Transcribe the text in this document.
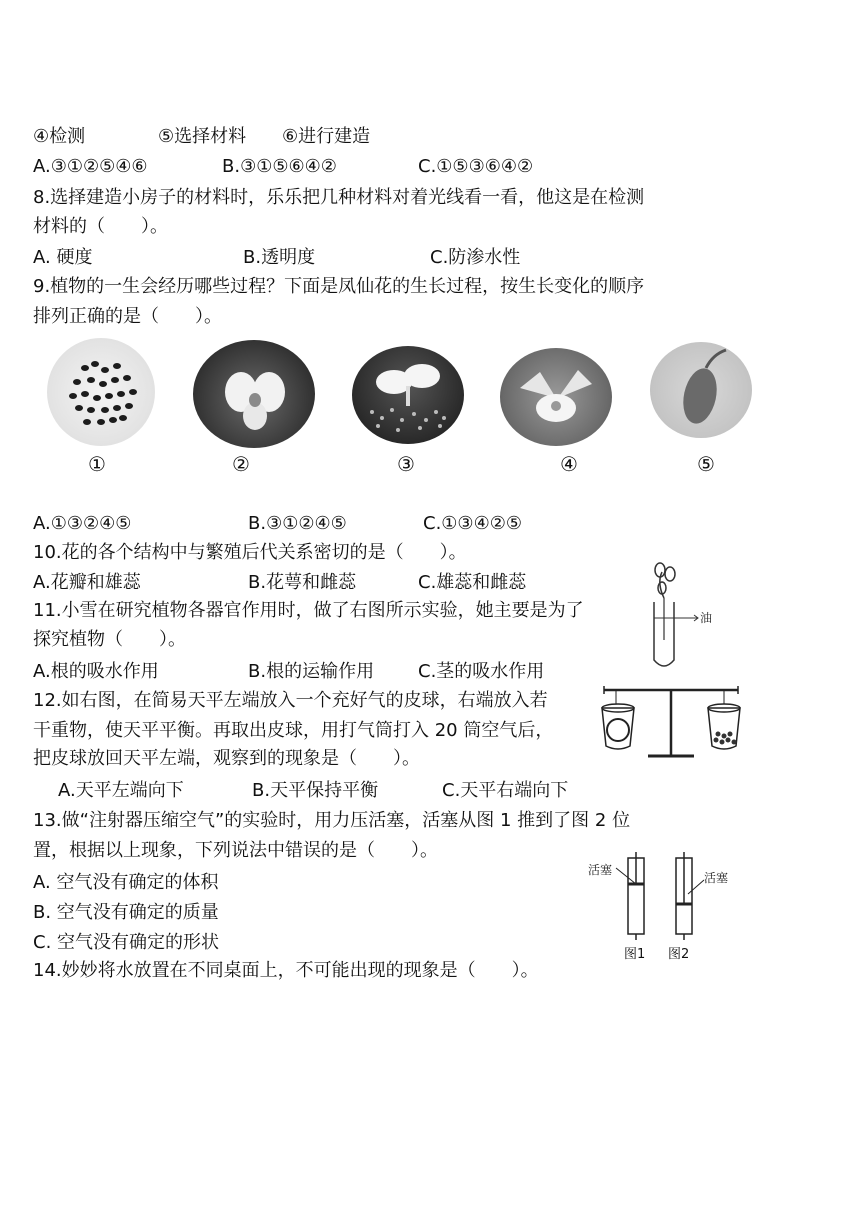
④检测	⑤选择材料 ⑥进行建造
A.③①②⑤④⑥	B.③①⑤⑥④②	C.①⑤③⑥④②
8.选择建造小房子的材料时，乐乐把几种材料对着光线看一看，他这是在检测
材料的（　　）。
A. 硬度	B.透明度	C.防渗水性
9.植物的一生会经历哪些过程？下面是凤仙花的生长过程，按生长变化的顺序
排列正确的是（　　）。
①	②	③	④	⑤
A.①③②④⑤	B.③①②④⑤	C.①③④②⑤
10.花的各个结构中与繁殖后代关系密切的是（　　）。
A.花瓣和雄蕊	B.花萼和雌蕊	C.雄蕊和雌蕊
11.小雪在研究植物各器官作用时，做了右图所示实验，她主要是为了
探究植物（　　）。
A.根的吸水作用	B.根的运输作用 C.茎的吸水作用
油
12.如右图，在简易天平左端放入一个充好气的皮球，右端放入若
干重物，使天平平衡。再取出皮球，用打气筒打入 20 筒空气后，
把皮球放回天平左端，观察到的现象是（　　）。
A.天平左端向下	B.天平保持平衡	C.天平右端向下
13.做“注射器压缩空气”的实验时，用力压活塞，活塞从图 1 推到了图 2 位
置，根据以上现象，下列说法中错误的是（　　）。
A. 空气没有确定的体积
B. 空气没有确定的质量
C. 空气没有确定的形状
活塞
活塞
图1 图2
14.妙妙将水放置在不同桌面上，不可能出现的现象是（　　）。
